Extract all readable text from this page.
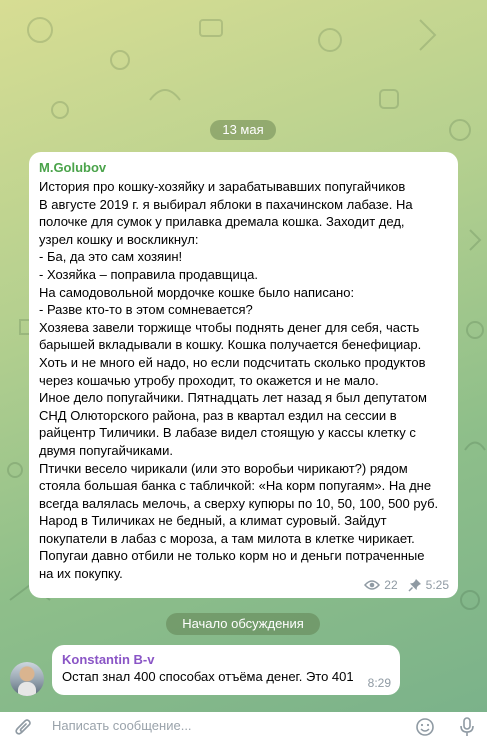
13 мая
M.Golubov
История про кошку-хозяйку и зарабатывавших попугайчиков
В августе 2019 г. я выбирал яблоки в пахачинском лабазе. На
полочке для сумок у прилавка дремала кошка. Заходит дед,
узрел кошку и воскликнул:
- Ба, да это сам хозяин!
- Хозяйка – поправила продавщица.
На самодовольной мордочке кошке было написано:
- Разве кто-то в этом сомневается?
Хозяева завели торжище чтобы поднять денег для себя, часть
барышей вкладывали в кошку. Кошка получается бенефициар.
Хоть и не много ей надо, но если подсчитать сколько продуктов
через кошачью утробу проходит, то окажется и не мало.
Иное дело попугайчики. Пятнадцать лет назад я был депутатом
СНД Олюторского района, раз в квартал ездил на сессии в
райцентр Тиличики. В лабазе видел стоящую у кассы клетку с
двумя попугайчиками.
Птички весело чирикали (или это воробьи чирикают?) рядом
стояла большая банка с табличкой: «На корм попугаям». На дне
всегда валялась мелочь, а сверху купюры по 10, 50, 100, 500 руб.
Народ в Тиличиках не бедный, а климат суровый. Зайдут
покупатели в лабаз с мороза, а там милота в клетке чирикает.
Попугаи давно отбили не только корм но и деньги потраченные
на их покупку.
22 5:25
Начало обсуждения
Konstantin B-v
Остап знал 400 способах отъёма денег. Это 401	8:29
Написать сообщение...
